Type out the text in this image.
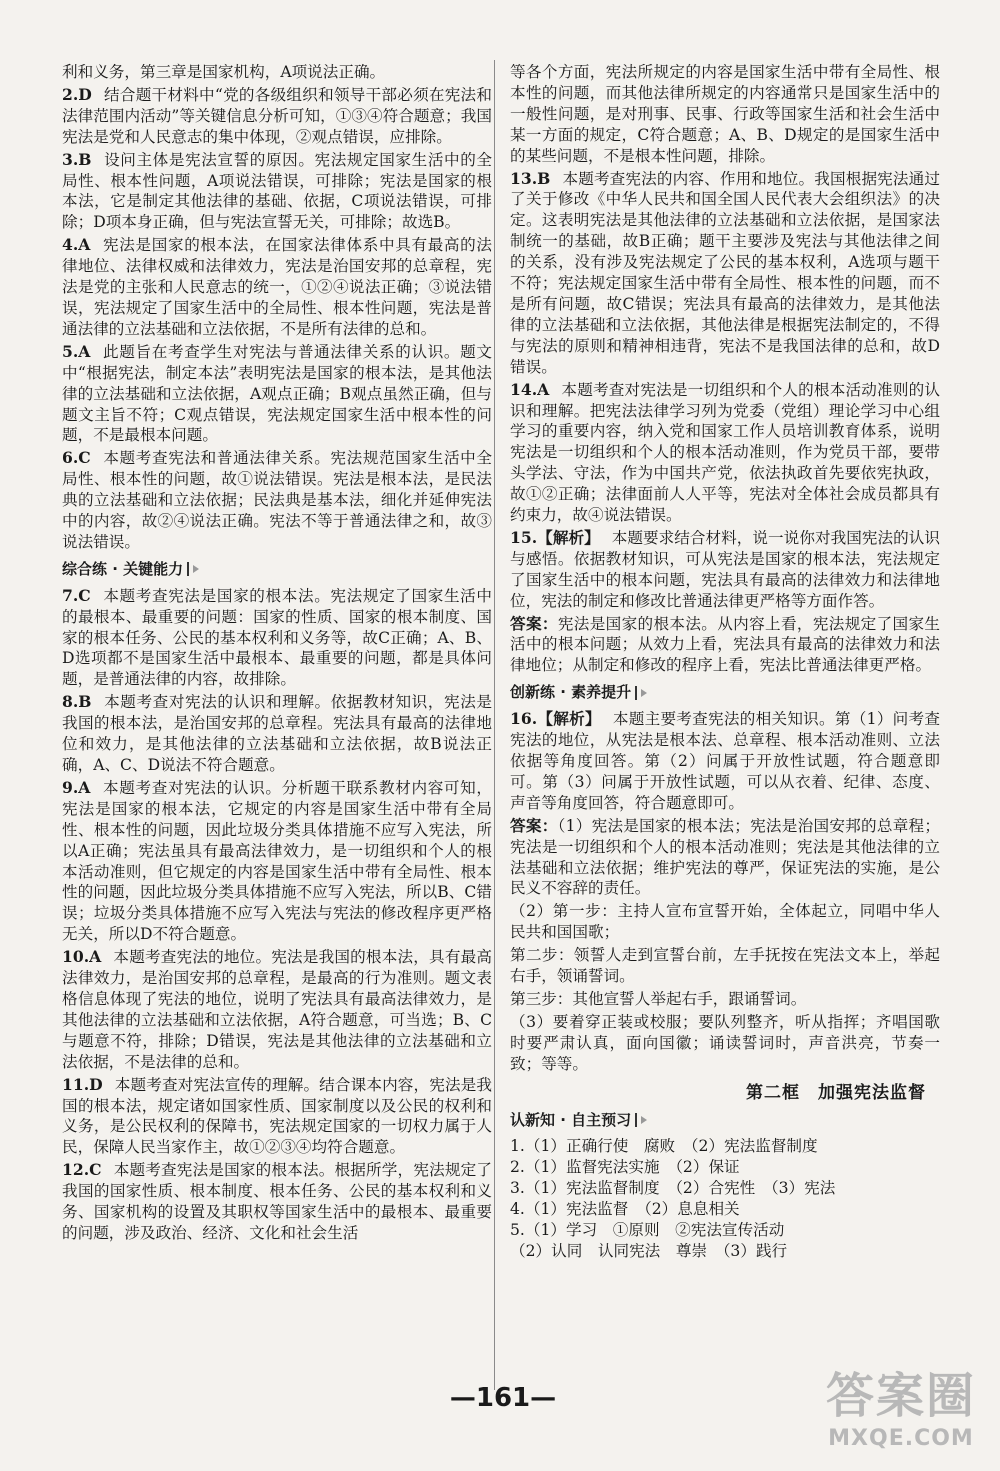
利和义务，第三章是国家机构，A项说法正确。

2.D 结合题干材料中“党的各级组织和领导干部必须在宪法和法律范围内活动”等关键信息分析可知，①③④符合题意；我国宪法是党和人民意志的集中体现，②观点错误，应排除。

3.B 设问主体是宪法宣誓的原因。宪法规定国家生活中的全局性、根本性问题，A项说法错误，可排除；宪法是国家的根本法，它是制定其他法律的基础、依据，C项说法错误，可排除；D项本身正确，但与宪法宣誓无关，可排除；故选B。

4.A 宪法是国家的根本法，在国家法律体系中具有最高的法律地位、法律权威和法律效力，宪法是治国安邦的总章程，宪法是党的主张和人民意志的统一，①②④说法正确；③说法错误，宪法规定了国家生活中的全局性、根本性问题，宪法是普通法律的立法基础和立法依据，不是所有法律的总和。

5.A 此题旨在考查学生对宪法与普通法律关系的认识。题文中“根据宪法，制定本法”表明宪法是国家的根本法，是其他法律的立法基础和立法依据，A观点正确；B观点虽然正确，但与题文主旨不符；C观点错误，宪法规定国家生活中根本性的问题，不是最根本问题。

6.C 本题考查宪法和普通法律关系。宪法规范国家生活中全局性、根本性的问题，故①说法错误。宪法是根本法，是民法典的立法基础和立法依据；民法典是基本法，细化并延伸宪法中的内容，故②④说法正确。宪法不等于普通法律之和，故③说法错误。

综合练 · 关键能力

7.C 本题考查宪法是国家的根本法。宪法规定了国家生活中的最根本、最重要的问题：国家的性质、国家的根本制度、国家的根本任务、公民的基本权利和义务等，故C正确；A、B、D选项都不是国家生活中最根本、最重要的问题，都是具体问题，是普通法律的内容，故排除。

8.B 本题考查对宪法的认识和理解。依据教材知识，宪法是我国的根本法，是治国安邦的总章程。宪法具有最高的法律地位和效力，是其他法律的立法基础和立法依据，故B说法正确，A、C、D说法不符合题意。

9.A 本题考查对宪法的认识。分析题干联系教材内容可知，宪法是国家的根本法，它规定的内容是国家生活中带有全局性、根本性的问题，因此垃圾分类具体措施不应写入宪法，所以A正确；宪法虽具有最高法律效力，是一切组织和个人的根本活动准则，但它规定的内容是国家生活中带有全局性、根本性的问题，因此垃圾分类具体措施不应写入宪法，所以B、C错误；垃圾分类具体措施不应写入宪法与宪法的修改程序更严格无关，所以D不符合题意。

10.A 本题考查宪法的地位。宪法是我国的根本法，具有最高法律效力，是治国安邦的总章程，是最高的行为准则。题文表格信息体现了宪法的地位，说明了宪法具有最高法律效力，是其他法律的立法基础和立法依据，A符合题意，可当选；B、C与题意不符，排除；D错误，宪法是其他法律的立法基础和立法依据，不是法律的总和。

11.D 本题考查对宪法宣传的理解。结合课本内容，宪法是我国的根本法，规定诸如国家性质、国家制度以及公民的权利和义务，是公民权利的保障书，宪法规定国家的一切权力属于人民，保障人民当家作主，故①②③④均符合题意。

12.C 本题考查宪法是国家的根本法。根据所学，宪法规定了我国的国家性质、根本制度、根本任务、公民的基本权利和义务、国家机构的设置及其职权等国家生活中的最根本、最重要的问题，涉及政治、经济、文化和社会生活

等各个方面，宪法所规定的内容是国家生活中带有全局性、根本性的问题，而其他法律所规定的内容通常只是国家生活中的一般性问题，是对刑事、民事、行政等国家生活和社会生活中某一方面的规定，C符合题意；A、B、D规定的是国家生活中的某些问题，不是根本性问题，排除。

13.B 本题考查宪法的内容、作用和地位。我国根据宪法通过了关于修改《中华人民共和国全国人民代表大会组织法》的决定。这表明宪法是其他法律的立法基础和立法依据，是国家法制统一的基础，故B正确；题干主要涉及宪法与其他法律之间的关系，没有涉及宪法规定了公民的基本权利，A选项与题干不符；宪法规定国家生活中带有全局性、根本性的问题，而不是所有问题，故C错误；宪法具有最高的法律效力，是其他法律的立法基础和立法依据，其他法律是根据宪法制定的，不得与宪法的原则和精神相违背，宪法不是我国法律的总和，故D错误。

14.A 本题考查对宪法是一切组织和个人的根本活动准则的认识和理解。把宪法法律学习列为党委（党组）理论学习中心组学习的重要内容，纳入党和国家工作人员培训教育体系，说明宪法是一切组织和个人的根本活动准则，作为党员干部，要带头学法、守法，作为中国共产党，依法执政首先要依宪执政，故①②正确；法律面前人人平等，宪法对全体社会成员都具有约束力，故④说法错误。

15.【解析】 本题要求结合材料，说一说你对我国宪法的认识与感悟。依据教材知识，可从宪法是国家的根本法，宪法规定了国家生活中的根本问题，宪法具有最高的法律效力和法律地位，宪法的制定和修改比普通法律更严格等方面作答。

答案：宪法是国家的根本法。从内容上看，宪法规定了国家生活中的根本问题；从效力上看，宪法具有最高的法律效力和法律地位；从制定和修改的程序上看，宪法比普通法律更严格。

创新练 · 素养提升

16.【解析】 本题主要考查宪法的相关知识。第（1）问考查宪法的地位，从宪法是根本法、总章程、根本活动准则、立法依据等角度回答。第（2）问属于开放性试题，符合题意即可。第（3）问属于开放性试题，可以从衣着、纪律、态度、声音等角度回答，符合题意即可。

答案：（1）宪法是国家的根本法；宪法是治国安邦的总章程；宪法是一切组织和个人的根本活动准则；宪法是其他法律的立法基础和立法依据；维护宪法的尊严，保证宪法的实施，是公民义不容辞的责任。

（2）第一步：主持人宣布宣誓开始，全体起立，同唱中华人民共和国国歌；

第二步：领誓人走到宣誓台前，左手抚按在宪法文本上，举起右手，领诵誓词。

第三步：其他宣誓人举起右手，跟诵誓词。

（3）要着穿正装或校服；要队列整齐，听从指挥；齐唱国歌时要严肃认真，面向国徽；诵读誓词时，声音洪亮，节奏一致；等等。

第二框　加强宪法监督
认新知 · 自主预习

1.（1）正确行使　腐败　（2）宪法监督制度

2.（1）监督宪法实施　（2）保证

3.（1）宪法监督制度　（2）合宪性　（3）宪法

4.（1）宪法监督　（2）息息相关

5.（1）学习　①原则　②宪法宣传活动

（2）认同　认同宪法　尊崇　（3）践行

—161—	答案圈
MXQE.COM
